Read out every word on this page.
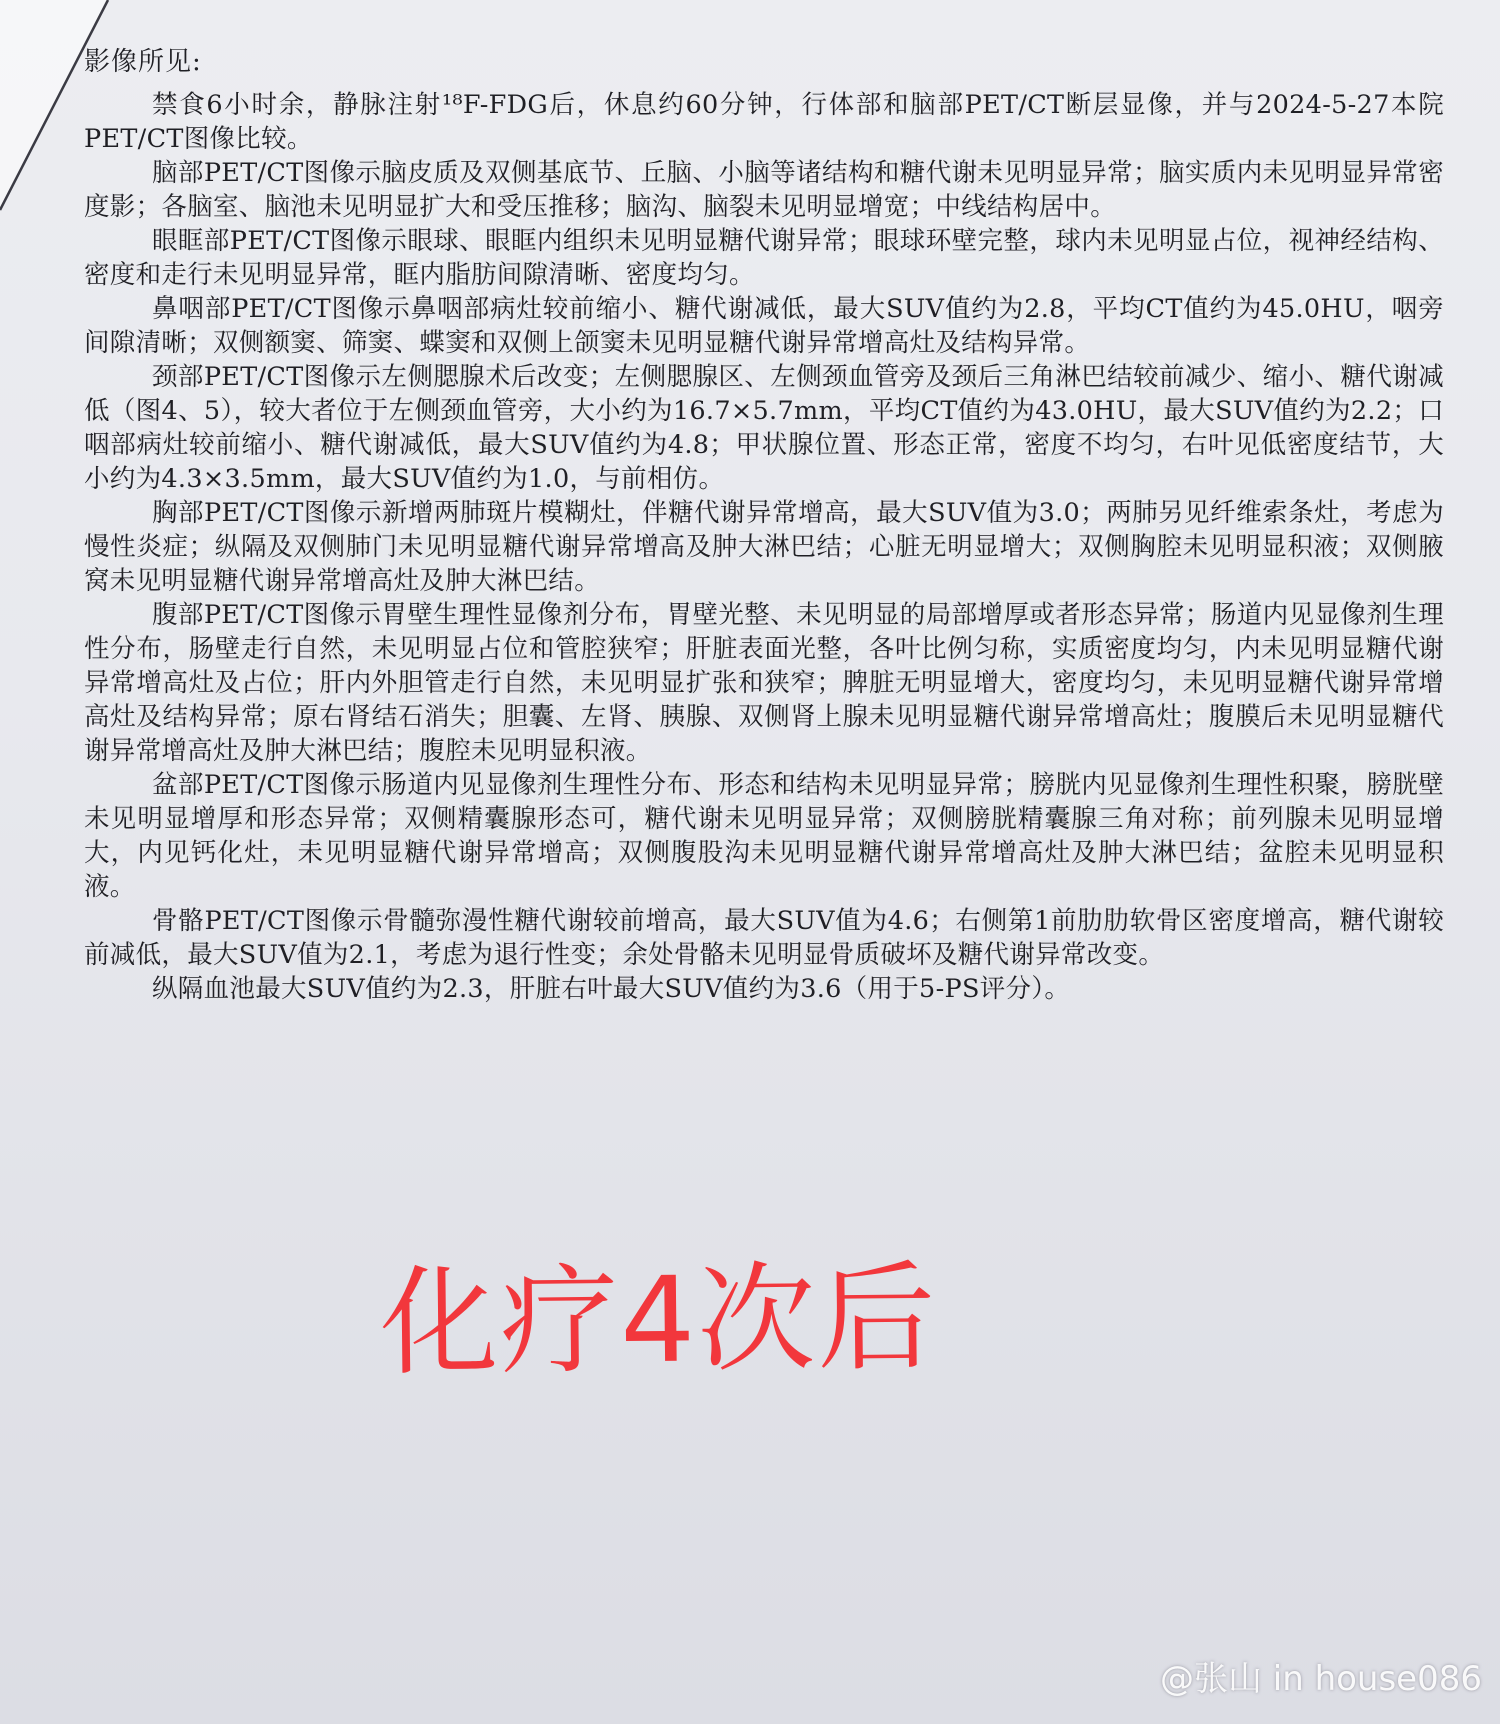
影像所见:

禁食6小时余，静脉注射¹⁸F-FDG后，休息约60分钟，行体部和脑部PET/CT断层显像，并与2024-5-27本院PET/CT图像比较。

脑部PET/CT图像示脑皮质及双侧基底节、丘脑、小脑等诸结构和糖代谢未见明显异常；脑实质内未见明显异常密度影；各脑室、脑池未见明显扩大和受压推移；脑沟、脑裂未见明显增宽；中线结构居中。

眼眶部PET/CT图像示眼球、眼眶内组织未见明显糖代谢异常；眼球环壁完整，球内未见明显占位，视神经结构、密度和走行未见明显异常，眶内脂肪间隙清晰、密度均匀。

鼻咽部PET/CT图像示鼻咽部病灶较前缩小、糖代谢减低，最大SUV值约为2.8，平均CT值约为45.0HU，咽旁间隙清晰；双侧额窦、筛窦、蝶窦和双侧上颌窦未见明显糖代谢异常增高灶及结构异常。

颈部PET/CT图像示左侧腮腺术后改变；左侧腮腺区、左侧颈血管旁及颈后三角淋巴结较前减少、缩小、糖代谢减低（图4、5），较大者位于左侧颈血管旁，大小约为16.7×5.7mm，平均CT值约为43.0HU，最大SUV值约为2.2；口咽部病灶较前缩小、糖代谢减低，最大SUV值约为4.8；甲状腺位置、形态正常，密度不均匀，右叶见低密度结节，大小约为4.3×3.5mm，最大SUV值约为1.0，与前相仿。

胸部PET/CT图像示新增两肺斑片模糊灶，伴糖代谢异常增高，最大SUV值为3.0；两肺另见纤维索条灶，考虑为慢性炎症；纵隔及双侧肺门未见明显糖代谢异常增高及肿大淋巴结；心脏无明显增大；双侧胸腔未见明显积液；双侧腋窝未见明显糖代谢异常增高灶及肿大淋巴结。

腹部PET/CT图像示胃壁生理性显像剂分布，胃壁光整、未见明显的局部增厚或者形态异常；肠道内见显像剂生理性分布，肠壁走行自然，未见明显占位和管腔狭窄；肝脏表面光整，各叶比例匀称，实质密度均匀，内未见明显糖代谢异常增高灶及占位；肝内外胆管走行自然，未见明显扩张和狭窄；脾脏无明显增大，密度均匀，未见明显糖代谢异常增高灶及结构异常；原右肾结石消失；胆囊、左肾、胰腺、双侧肾上腺未见明显糖代谢异常增高灶；腹膜后未见明显糖代谢异常增高灶及肿大淋巴结；腹腔未见明显积液。

盆部PET/CT图像示肠道内见显像剂生理性分布、形态和结构未见明显异常；膀胱内见显像剂生理性积聚，膀胱壁未见明显增厚和形态异常；双侧精囊腺形态可，糖代谢未见明显异常；双侧膀胱精囊腺三角对称；前列腺未见明显增大，内见钙化灶，未见明显糖代谢异常增高；双侧腹股沟未见明显糖代谢异常增高灶及肿大淋巴结；盆腔未见明显积液。

骨骼PET/CT图像示骨髓弥漫性糖代谢较前增高，最大SUV值为4.6；右侧第1前肋肋软骨区密度增高，糖代谢较前减低，最大SUV值为2.1，考虑为退行性变；余处骨骼未见明显骨质破坏及糖代谢异常改变。

纵隔血池最大SUV值约为2.3，肝脏右叶最大SUV值约为3.6（用于5-PS评分）。

化疗4次后
@张山 in house086
